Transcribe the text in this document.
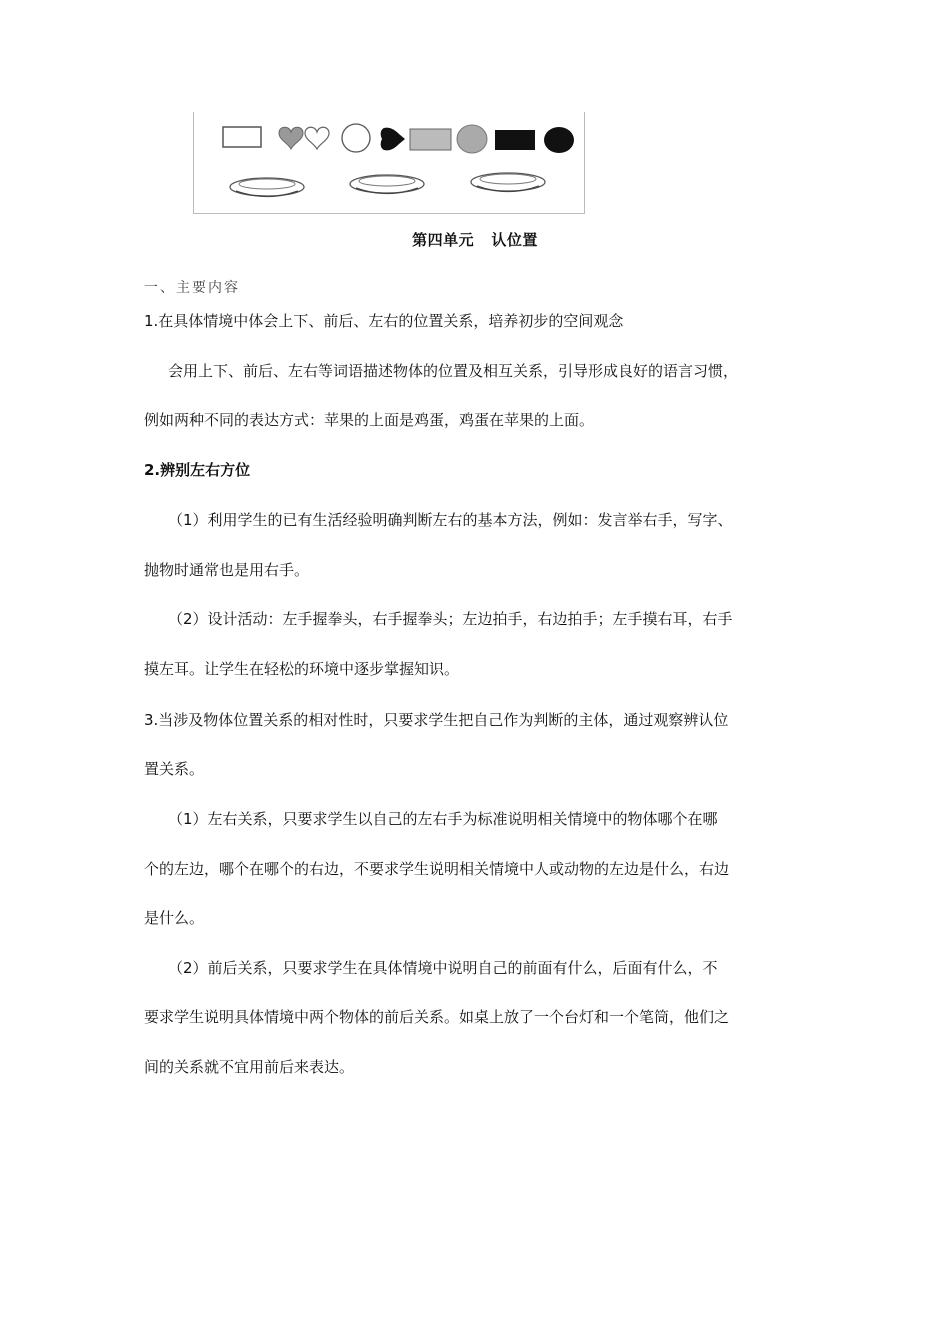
第四单元   认位置
一、主要内容
1.在具体情境中体会上下、前后、左右的位置关系，培养初步的空间观念
会用上下、前后、左右等词语描述物体的位置及相互关系，引导形成良好的语言习惯，
例如两种不同的表达方式：苹果的上面是鸡蛋，鸡蛋在苹果的上面。
2.辨别左右方位
（1）利用学生的已有生活经验明确判断左右的基本方法，例如：发言举右手，写字、
抛物时通常也是用右手。
（2）设计活动：左手握拳头，右手握拳头；左边拍手，右边拍手；左手摸右耳，右手
摸左耳。让学生在轻松的环境中逐步掌握知识。
3.当涉及物体位置关系的相对性时，只要求学生把自己作为判断的主体，通过观察辨认位
置关系。
（1）左右关系，只要求学生以自己的左右手为标准说明相关情境中的物体哪个在哪
个的左边，哪个在哪个的右边，不要求学生说明相关情境中人或动物的左边是什么，右边
是什么。
（2）前后关系，只要求学生在具体情境中说明自己的前面有什么，后面有什么，不
要求学生说明具体情境中两个物体的前后关系。如桌上放了一个台灯和一个笔筒，他们之
间的关系就不宜用前后来表达。
